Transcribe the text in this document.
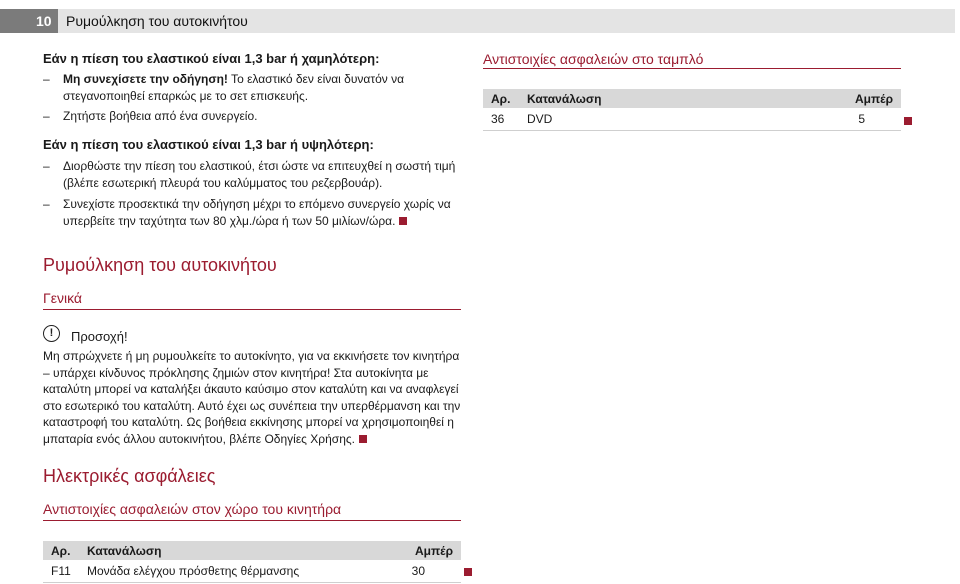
10	Ρυμούλκηση του αυτοκινήτου
Εάν η πίεση του ελαστικού είναι 1,3 bar ή χαμηλότερη:
–	Μη συνεχίσετε την οδήγηση! Το ελαστικό δεν είναι δυνατόν να στεγανοποιηθεί επαρκώς με το σετ επισκευής.
–	Ζητήστε βοήθεια από ένα συνεργείο.
Εάν η πίεση του ελαστικού είναι 1,3 bar ή υψηλότερη:
–	Διορθώστε την πίεση του ελαστικού, έτσι ώστε να επιτευχθεί η σωστή τιμή (βλέπε εσωτερική πλευρά του καλύμματος του ρεζερβουάρ).
–	Συνεχίστε προσεκτικά την οδήγηση μέχρι το επόμενο συνεργείο χωρίς να υπερβείτε την ταχύτητα των 80 χλμ./ώρα ή των 50 μιλίων/ώρα.
Ρυμούλκηση του αυτοκινήτου
Γενικά
!	Προσοχή!
Μη σπρώχνετε ή μη ρυμουλκείτε το αυτοκίνητο, για να εκκινήσετε τον κινητήρα – υπάρχει κίνδυνος πρόκλησης ζημιών στον κινητήρα! Στα αυτοκίνητα με καταλύτη μπορεί να καταλήξει άκαυτο καύσιμο στον καταλύτη και να αναφλεγεί στο εσωτερικό του καταλύτη. Αυτό έχει ως συνέπεια την υπερθέρμανση και την καταστροφή του καταλύτη. Ως βοήθεια εκκίνησης μπορεί να χρησιμοποιηθεί η μπαταρία ενός άλλου αυτοκινήτου, βλέπε Οδηγίες Χρήσης.
Ηλεκτρικές ασφάλειες
Αντιστοιχίες ασφαλειών στον χώρο του κινητήρα
Αρ.	Κατανάλωση	Αμπέρ
F11	Μονάδα ελέγχου πρόσθετης θέρμανσης	30
Αντιστοιχίες ασφαλειών στο ταμπλό
Αρ.	Κατανάλωση	Αμπέρ
36	DVD	5
